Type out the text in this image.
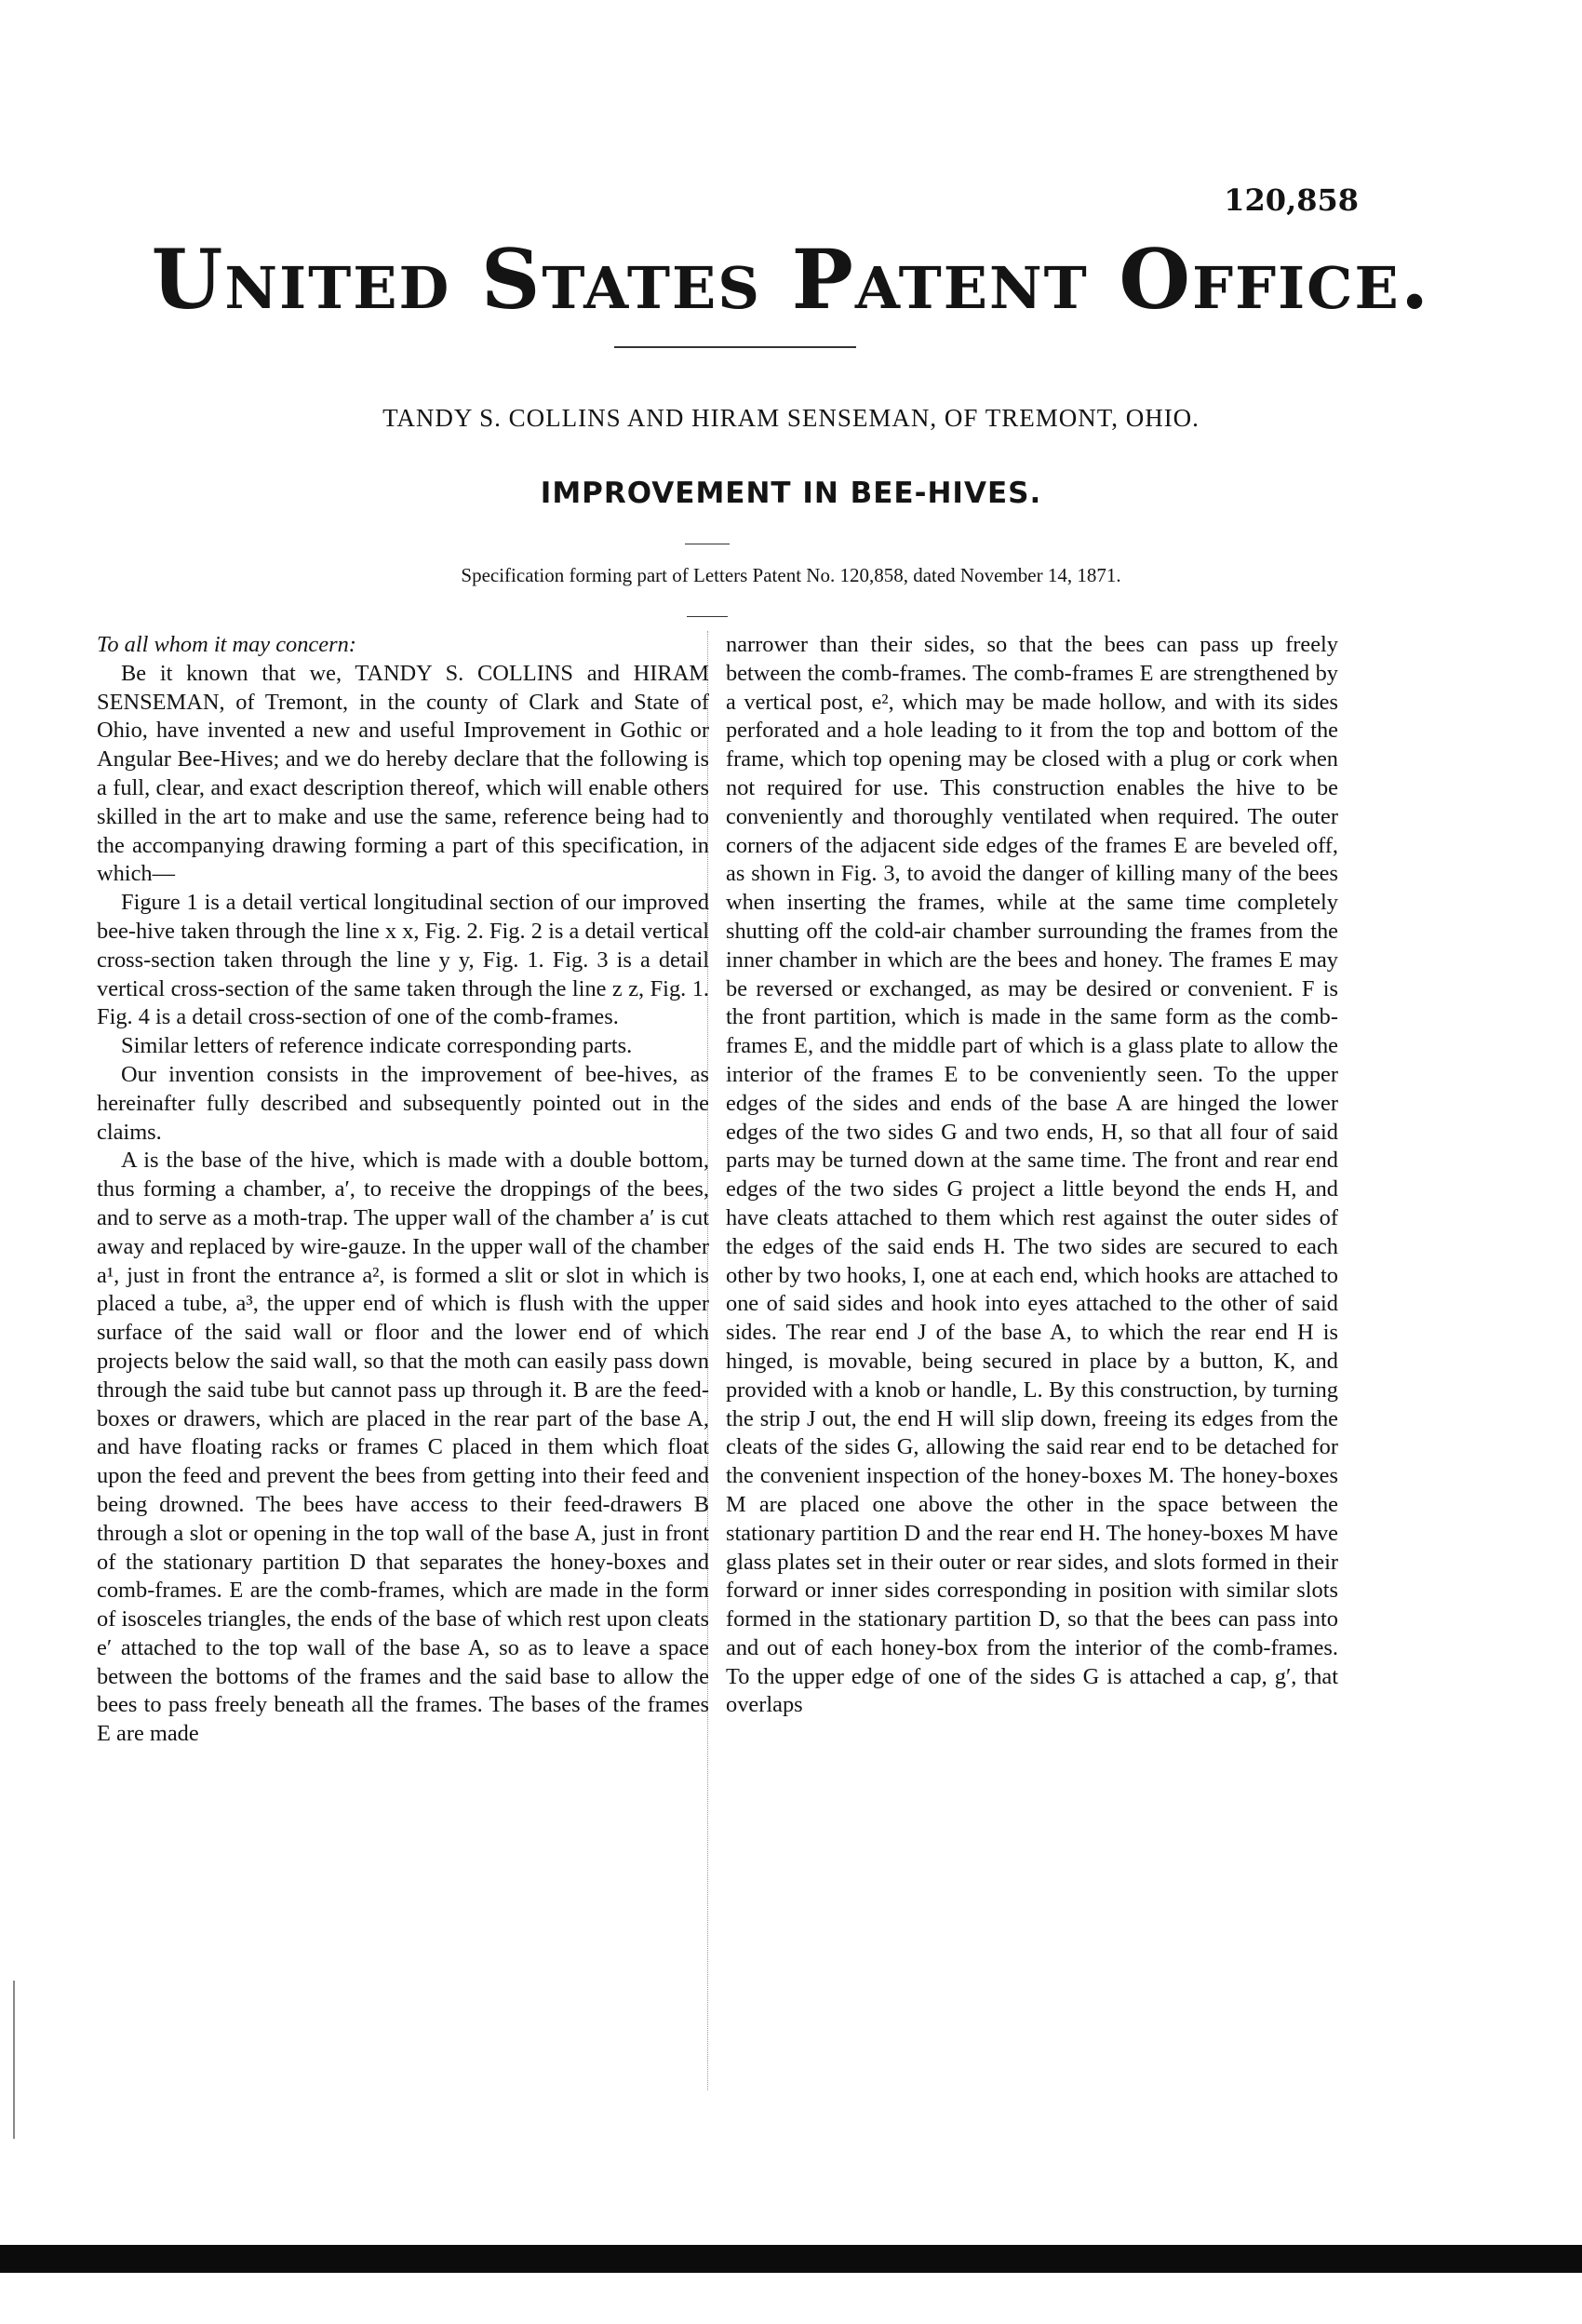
120,858
United States Patent Office.
TANDY S. COLLINS AND HIRAM SENSEMAN, OF TREMONT, OHIO.
IMPROVEMENT IN BEE-HIVES.
Specification forming part of Letters Patent No. 120,858, dated November 14, 1871.

To all whom it may concern:

Be it known that we, TANDY S. COLLINS and HIRAM SENSEMAN, of Tremont, in the county of Clark and State of Ohio, have invented a new and useful Improvement in Gothic or Angular Bee-Hives; and we do hereby declare that the following is a full, clear, and exact description thereof, which will enable others skilled in the art to make and use the same, reference being had to the accompanying drawing forming a part of this specification, in which—

Figure 1 is a detail vertical longitudinal section of our improved bee-hive taken through the line x x, Fig. 2. Fig. 2 is a detail vertical cross-section taken through the line y y, Fig. 1. Fig. 3 is a detail vertical cross-section of the same taken through the line z z, Fig. 1. Fig. 4 is a detail cross-section of one of the comb-frames.

Similar letters of reference indicate corresponding parts.

Our invention consists in the improvement of bee-hives, as hereinafter fully described and subsequently pointed out in the claims.

A is the base of the hive, which is made with a double bottom, thus forming a chamber, a′, to receive the droppings of the bees, and to serve as a moth-trap. The upper wall of the chamber a′ is cut away and replaced by wire-gauze. In the upper wall of the chamber a¹, just in front the entrance a², is formed a slit or slot in which is placed a tube, a³, the upper end of which is flush with the upper surface of the said wall or floor and the lower end of which projects below the said wall, so that the moth can easily pass down through the said tube but cannot pass up through it. B are the feed-boxes or drawers, which are placed in the rear part of the base A, and have floating racks or frames C placed in them which float upon the feed and prevent the bees from getting into their feed and being drowned. The bees have access to their feed-drawers B through a slot or opening in the top wall of the base A, just in front of the stationary partition D that separates the honey-boxes and comb-frames. E are the comb-frames, which are made in the form of isosceles triangles, the ends of the base of which rest upon cleats e′ attached to the top wall of the base A, so as to leave a space between the bottoms of the frames and the said base to allow the bees to pass freely beneath all the frames. The bases of the frames E are made

narrower than their sides, so that the bees can pass up freely between the comb-frames. The comb-frames E are strengthened by a vertical post, e², which may be made hollow, and with its sides perforated and a hole leading to it from the top and bottom of the frame, which top opening may be closed with a plug or cork when not required for use. This construction enables the hive to be conveniently and thoroughly ventilated when required. The outer corners of the adjacent side edges of the frames E are beveled off, as shown in Fig. 3, to avoid the danger of killing many of the bees when inserting the frames, while at the same time completely shutting off the cold-air chamber surrounding the frames from the inner chamber in which are the bees and honey. The frames E may be reversed or exchanged, as may be desired or convenient. F is the front partition, which is made in the same form as the comb-frames E, and the middle part of which is a glass plate to allow the interior of the frames E to be conveniently seen. To the upper edges of the sides and ends of the base A are hinged the lower edges of the two sides G and two ends, H, so that all four of said parts may be turned down at the same time. The front and rear end edges of the two sides G project a little beyond the ends H, and have cleats attached to them which rest against the outer sides of the edges of the said ends H. The two sides are secured to each other by two hooks, I, one at each end, which hooks are attached to one of said sides and hook into eyes attached to the other of said sides. The rear end J of the base A, to which the rear end H is hinged, is movable, being secured in place by a button, K, and provided with a knob or handle, L. By this construction, by turning the strip J out, the end H will slip down, freeing its edges from the cleats of the sides G, allowing the said rear end to be detached for the convenient inspection of the honey-boxes M. The honey-boxes M are placed one above the other in the space between the stationary partition D and the rear end H. The honey-boxes M have glass plates set in their outer or rear sides, and slots formed in their forward or inner sides corresponding in position with similar slots formed in the stationary partition D, so that the bees can pass into and out of each honey-box from the interior of the comb-frames. To the upper edge of one of the sides G is attached a cap, g′, that overlaps
